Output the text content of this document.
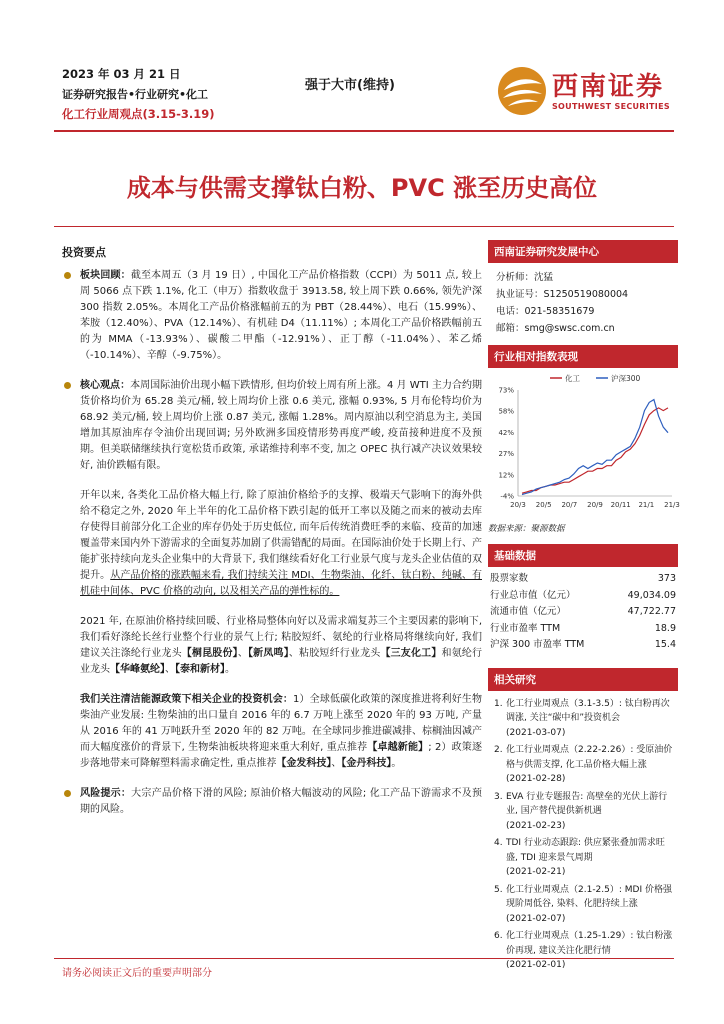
2023 年 03 月 21 日
证券研究报告•行业研究•化工
化工行业周观点(3.15-3.19)
强于大市(维持)	西南证券
SOUTHWEST SECURITIES
成本与供需支撑钛白粉、PVC 涨至历史高位
投资要点
板块回顾：截至本周五（3 月 19 日）, 中国化工产品价格指数（CCPI）为 5011 点, 较上周 5066 点下跌 1.1%, 化工（申万）指数收盘于 3913.58, 较上周下跌 0.66%, 领先沪深 300 指数 2.05%。本周化工产品价格涨幅前五的为 PBT（28.44%）、电石（15.99%）、苯胺（12.40%）、PVA（12.14%）、有机硅 D4（11.11%）; 本周化工产品价格跌幅前五的为 MMA（-13.93%）、碳酸二甲酯（-12.91%）、正丁醇（-11.04%）、苯乙烯（-10.14%）、辛醇（-9.75%）。
核心观点：本周国际油价出现小幅下跌情形, 但均价较上周有所上涨。4 月 WTI 主力合约期货价格均价为 65.28 美元/桶, 较上周均价上涨 0.6 美元, 涨幅 0.93%, 5 月布伦特均价为 68.92 美元/桶, 较上周均价上涨 0.87 美元, 涨幅 1.28%。周内原油以利空消息为主, 美国增加其原油库存令油价出现回调; 另外欧洲多国疫情形势再度严峻, 疫苗接种进度不及预期。但美联储继续执行宽松货币政策, 承诺维持利率不变, 加之 OPEC 执行减产决议效果较好, 油价跌幅有限。
开年以来, 各类化工品价格大幅上行, 除了原油价格给予的支撑、极端天气影响下的海外供给不稳定之外, 2020 年上半年的化工品价格下跌引起的低开工率以及随之而来的被动去库存使得目前部分化工企业的库存仍处于历史低位, 而年后传统消费旺季的来临、疫苗的加速覆盖带来国内外下游需求的全面复苏加剧了供需错配的局面。在国际油价处于长期上行、产能扩张持续向龙头企业集中的大背景下, 我们继续看好化工行业景气度与龙头企业估值的双提升。从产品价格的涨跌幅来看, 我们持续关注 MDI、生物柴油、化纤、钛白粉、纯碱、有机硅中间体、PVC 价格的动向, 以及相关产品的弹性标的。
2021 年, 在原油价格持续回暖、行业格局整体向好以及需求端复苏三个主要因素的影响下, 我们看好涤纶长丝行业整个行业的景气上行; 粘胶短纤、氨纶的行业格局将继续向好, 我们建议关注涤纶行业龙头【桐昆股份】、【新凤鸣】、粘胶短纤行业龙头【三友化工】和氨纶行业龙头【华峰氨纶】、【泰和新材】。
我们关注清洁能源政策下相关企业的投资机会：1）全球低碳化政策的深度推进将利好生物柴油产业发展: 生物柴油的出口量自 2016 年的 6.7 万吨上涨至 2020 年的 93 万吨, 产量从 2016 年的 41 万吨跃升至 2020 年的 82 万吨。在全球同步推进碳减排、棕榈油因减产而大幅度涨价的背景下, 生物柴油板块将迎来重大利好, 重点推荐【卓越新能】; 2）政策逐步落地带来可降解塑料需求确定性, 重点推荐【金发科技】、【金丹科技】。
风险提示：大宗产品价格下滑的风险; 原油价格大幅波动的风险; 化工产品下游需求不及预期的风险。
西南证券研究发展中心
分析师：沈猛
执业证号：S1250519080004
电话：021-58351679
邮箱：smg@swsc.com.cn
行业相对指数表现
化工	沪深300
73%
58%
42%
27%
12%
-4%
20/3 20/5 20/7 20/9 20/11 21/1 21/3
数据来源：聚源数据
基础数据
股票家数	373
行业总市值（亿元）	49,034.09
流通市值（亿元）	47,722.77
行业市盈率 TTM	18.9
沪深 300 市盈率 TTM	15.4
相关研究
1. 化工行业周观点（3.1-3.5）: 钛白粉再次调涨, 关注“碳中和”投资机会
(2021-03-07)
2. 化工行业周观点（2.22-2.26）: 受原油价格与供需支撑, 化工品价格大幅上涨
(2021-02-28)
3. EVA 行业专题报告: 高壁垒的光伏上游行业, 国产替代提供新机遇
(2021-02-23)
4. TDI 行业动态跟踪: 供应紧张叠加需求旺盛, TDI 迎来景气周期
(2021-02-21)
5. 化工行业周观点（2.1-2.5）: MDI 价格强现阶周低谷, 染料、化肥持续上涨
(2021-02-07)
6. 化工行业周观点（1.25-1.29）: 钛白粉涨价再现, 建议关注化肥行情
(2021-02-01)
请务必阅读正文后的重要声明部分
